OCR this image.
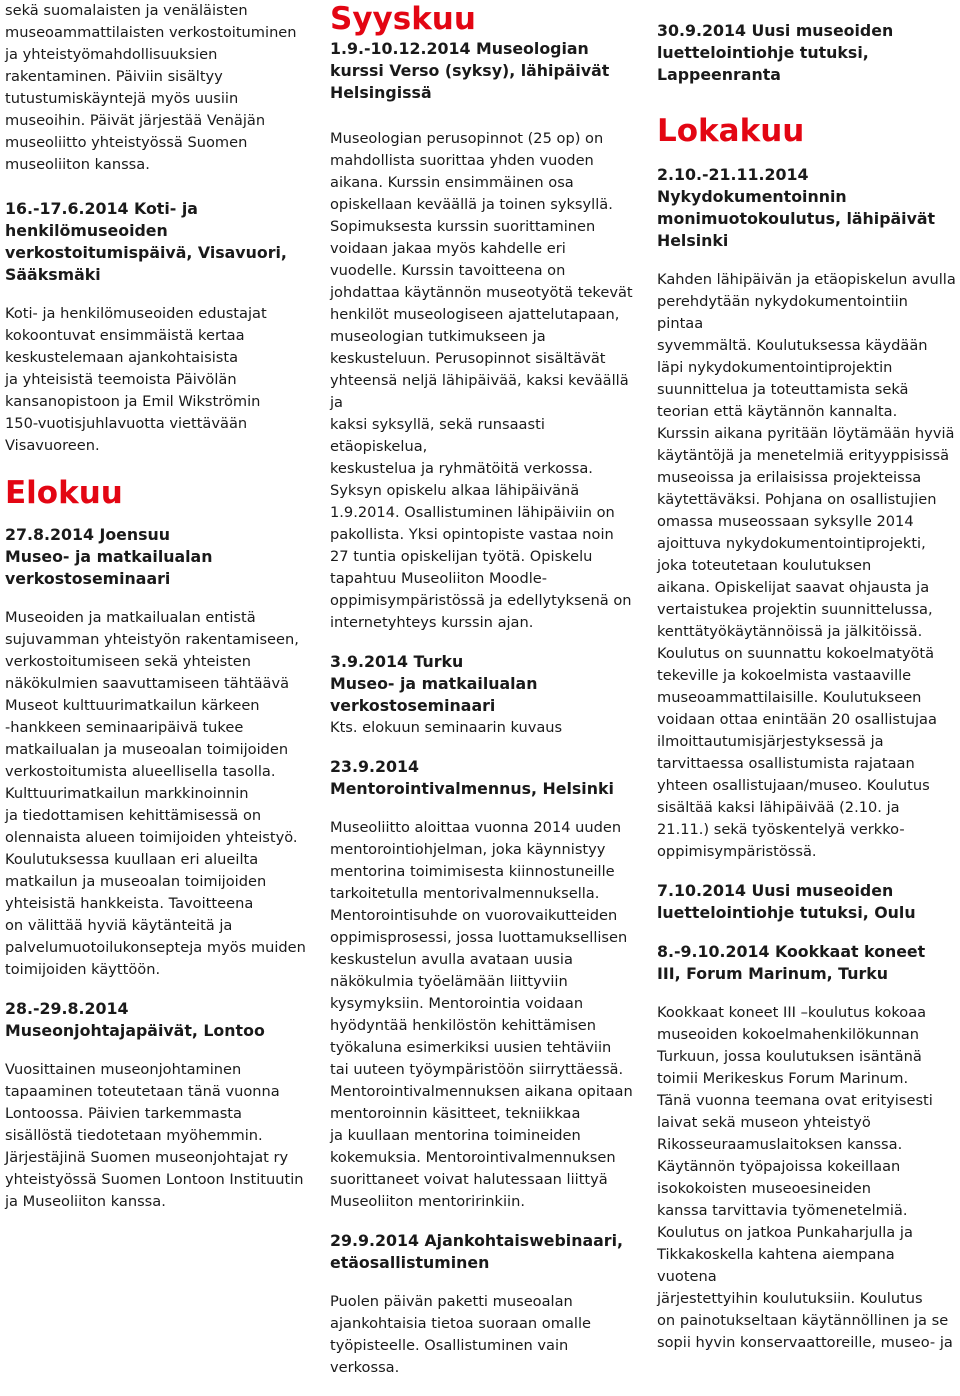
sekä suomalaisten ja venäläisten
museoammattilaisten verkostoituminen
ja yhteistyömahdollisuuksien
rakentaminen. Päiviin sisältyy
tutustumiskäyntejä myös uusiin
museoihin. Päivät järjestää Venäjän
museoliitto yhteistyössä Suomen
museoliiton kanssa.

16.-17.6.2014 Koti- ja
henkilömuseoiden
verkostoitumispäivä, Visavuori,
Sääksmäki

Koti- ja henkilömuseoiden edustajat
kokoontuvat ensimmäistä kertaa
keskustelemaan ajankohtaisista
ja yhteisistä teemoista Päivölän
kansanopistoon ja Emil Wikströmin
150-vuotisjuhlavuotta viettävään
Visavuoreen.

Elokuu
27.8.2014 Joensuu
Museo- ja matkailualan
verkostoseminaari

Museoiden ja matkailualan entistä
sujuvamman yhteistyön rakentamiseen,
verkostoitumiseen sekä yhteisten
näkökulmien saavuttamiseen tähtäävä
Museot kulttuurimatkailun kärkeen
-hankkeen seminaaripäivä tukee
matkailualan ja museoalan toimijoiden
verkostoitumista alueellisella tasolla.
Kulttuurimatkailun markkinoinnin
ja tiedottamisen kehittämisessä on
olennaista alueen toimijoiden yhteistyö.
Koulutuksessa kuullaan eri alueilta
matkailun ja museoalan toimijoiden
yhteisistä hankkeista. Tavoitteena
on välittää hyviä käytänteitä ja
palvelumuotoilukonsepteja myös muiden
toimijoiden käyttöön.

28.-29.8.2014
Museonjohtajapäivät, Lontoo

Vuosittainen museonjohtaminen
tapaaminen toteutetaan tänä vuonna
Lontoossa. Päivien tarkemmasta
sisällöstä tiedotetaan myöhemmin.
Järjestäjinä Suomen museonjohtajat ry
yhteistyössä Suomen Lontoon Instituutin
ja Museoliiton kanssa.

Syyskuu
1.9.-10.12.2014 Museologian
kurssi Verso (syksy), lähipäivät
Helsingissä

Museologian perusopinnot (25 op) on
mahdollista suorittaa yhden vuoden
aikana. Kurssin ensimmäinen osa
opiskellaan keväällä ja toinen syksyllä.
Sopimuksesta kurssin suorittaminen
voidaan jakaa myös kahdelle eri
vuodelle. Kurssin tavoitteena on
johdattaa käytännön museotyötä tekevät
henkilöt museologiseen ajattelutapaan,
museologian tutkimukseen ja
keskusteluun. Perusopinnot sisältävät
yhteensä neljä lähipäivää, kaksi keväällä ja
kaksi syksyllä, sekä runsaasti etäopiskelua,
keskustelua ja ryhmätöitä verkossa.
Syksyn opiskelu alkaa lähipäivänä
1.9.2014. Osallistuminen lähipäiviin on
pakollista. Yksi opintopiste vastaa noin
27 tuntia opiskelijan työtä. Opiskelu
tapahtuu Museoliiton Moodle-
oppimisympäristössä ja edellytyksenä on
internetyhteys kurssin ajan.

3.9.2014 Turku
Museo- ja matkailualan
verkostoseminaari

Kts. elokuun seminaarin kuvaus

23.9.2014
Mentorointivalmennus, Helsinki

Museoliitto aloittaa vuonna 2014 uuden
mentorointiohjelman, joka käynnistyy
mentorina toimimisesta kiinnostuneille
tarkoitetulla mentorivalmennuksella.
Mentorointisuhde on vuorovaikutteiden
oppimisprosessi, jossa luottamuksellisen
keskustelun avulla avataan uusia
näkökulmia työelämään liittyviin
kysymyksiin. Mentorointia voidaan
hyödyntää henkilöstön kehittämisen
työkaluna esimerkiksi uusien tehtäviin
tai uuteen työympäristöön siirryttäessä.
Mentorointivalmennuksen aikana opitaan
mentoroinnin käsitteet, tekniikkaa
ja kuullaan mentorina toimineiden
kokemuksia. Mentorointivalmennuksen
suorittaneet voivat halutessaan liittyä
Museoliiton mentoririnkiin.

29.9.2014 Ajankohtaiswebinaari,
etäosallistuminen

Puolen päivän paketti museoalan
ajankohtaisia tietoa suoraan omalle
työpisteelle. Osallistuminen vain
verkossa.

30.9.2014 Uusi museoiden
luettelointiohje tutuksi,
Lappeenranta
Lokakuu
2.10.-21.11.2014
Nykydokumentoinnin
monimuotokoulutus, lähipäivät
Helsinki

Kahden lähipäivän ja etäopiskelun avulla
perehdytään nykydokumentointiin pintaa
syvemmältä. Koulutuksessa käydään
läpi nykydokumentointiprojektin
suunnittelua ja toteuttamista sekä
teorian että käytännön kannalta.
Kurssin aikana pyritään löytämään hyviä
käytäntöjä ja menetelmiä erityyppisissä
museoissa ja erilaisissa projekteissa
käytettäväksi. Pohjana on osallistujien
omassa museossaan syksylle 2014
ajoittuva nykydokumentointiprojekti,
joka toteutetaan koulutuksen
aikana. Opiskelijat saavat ohjausta ja
vertaistukea projektin suunnittelussa,
kenttätyökäytännöissä ja jälkitöissä.
Koulutus on suunnattu kokoelmatyötä
tekeville ja kokoelmista vastaaville
museoammattilaisille. Koulutukseen
voidaan ottaa enintään 20 osallistujaa
ilmoittautumisjärjestyksessä ja
tarvittaessa osallistumista rajataan
yhteen osallistujaan/museo. Koulutus
sisältää kaksi lähipäivää (2.10. ja
21.11.) sekä työskentelyä verkko-
oppimisympäristössä.

7.10.2014 Uusi museoiden
luettelointiohje tutuksi, Oulu
8.-9.10.2014 Kookkaat koneet
III, Forum Marinum, Turku

Kookkaat koneet III –koulutus kokoaa
museoiden kokoelmahenkilökunnan
Turkuun, jossa koulutuksen isäntänä
toimii Merikeskus Forum Marinum.
Tänä vuonna teemana ovat erityisesti
laivat sekä museon yhteistyö
Rikosseuraamuslaitoksen kanssa.
Käytännön työpajoissa kokeillaan
isokokoisten museoesineiden
kanssa tarvittavia työmenetelmiä.
Koulutus on jatkoa Punkaharjulla ja
Tikkakoskella kahtena aiempana vuotena
järjestettyihin koulutuksiin. Koulutus
on painotukseltaan käytännöllinen ja se
sopii hyvin konservaattoreille, museo- ja
